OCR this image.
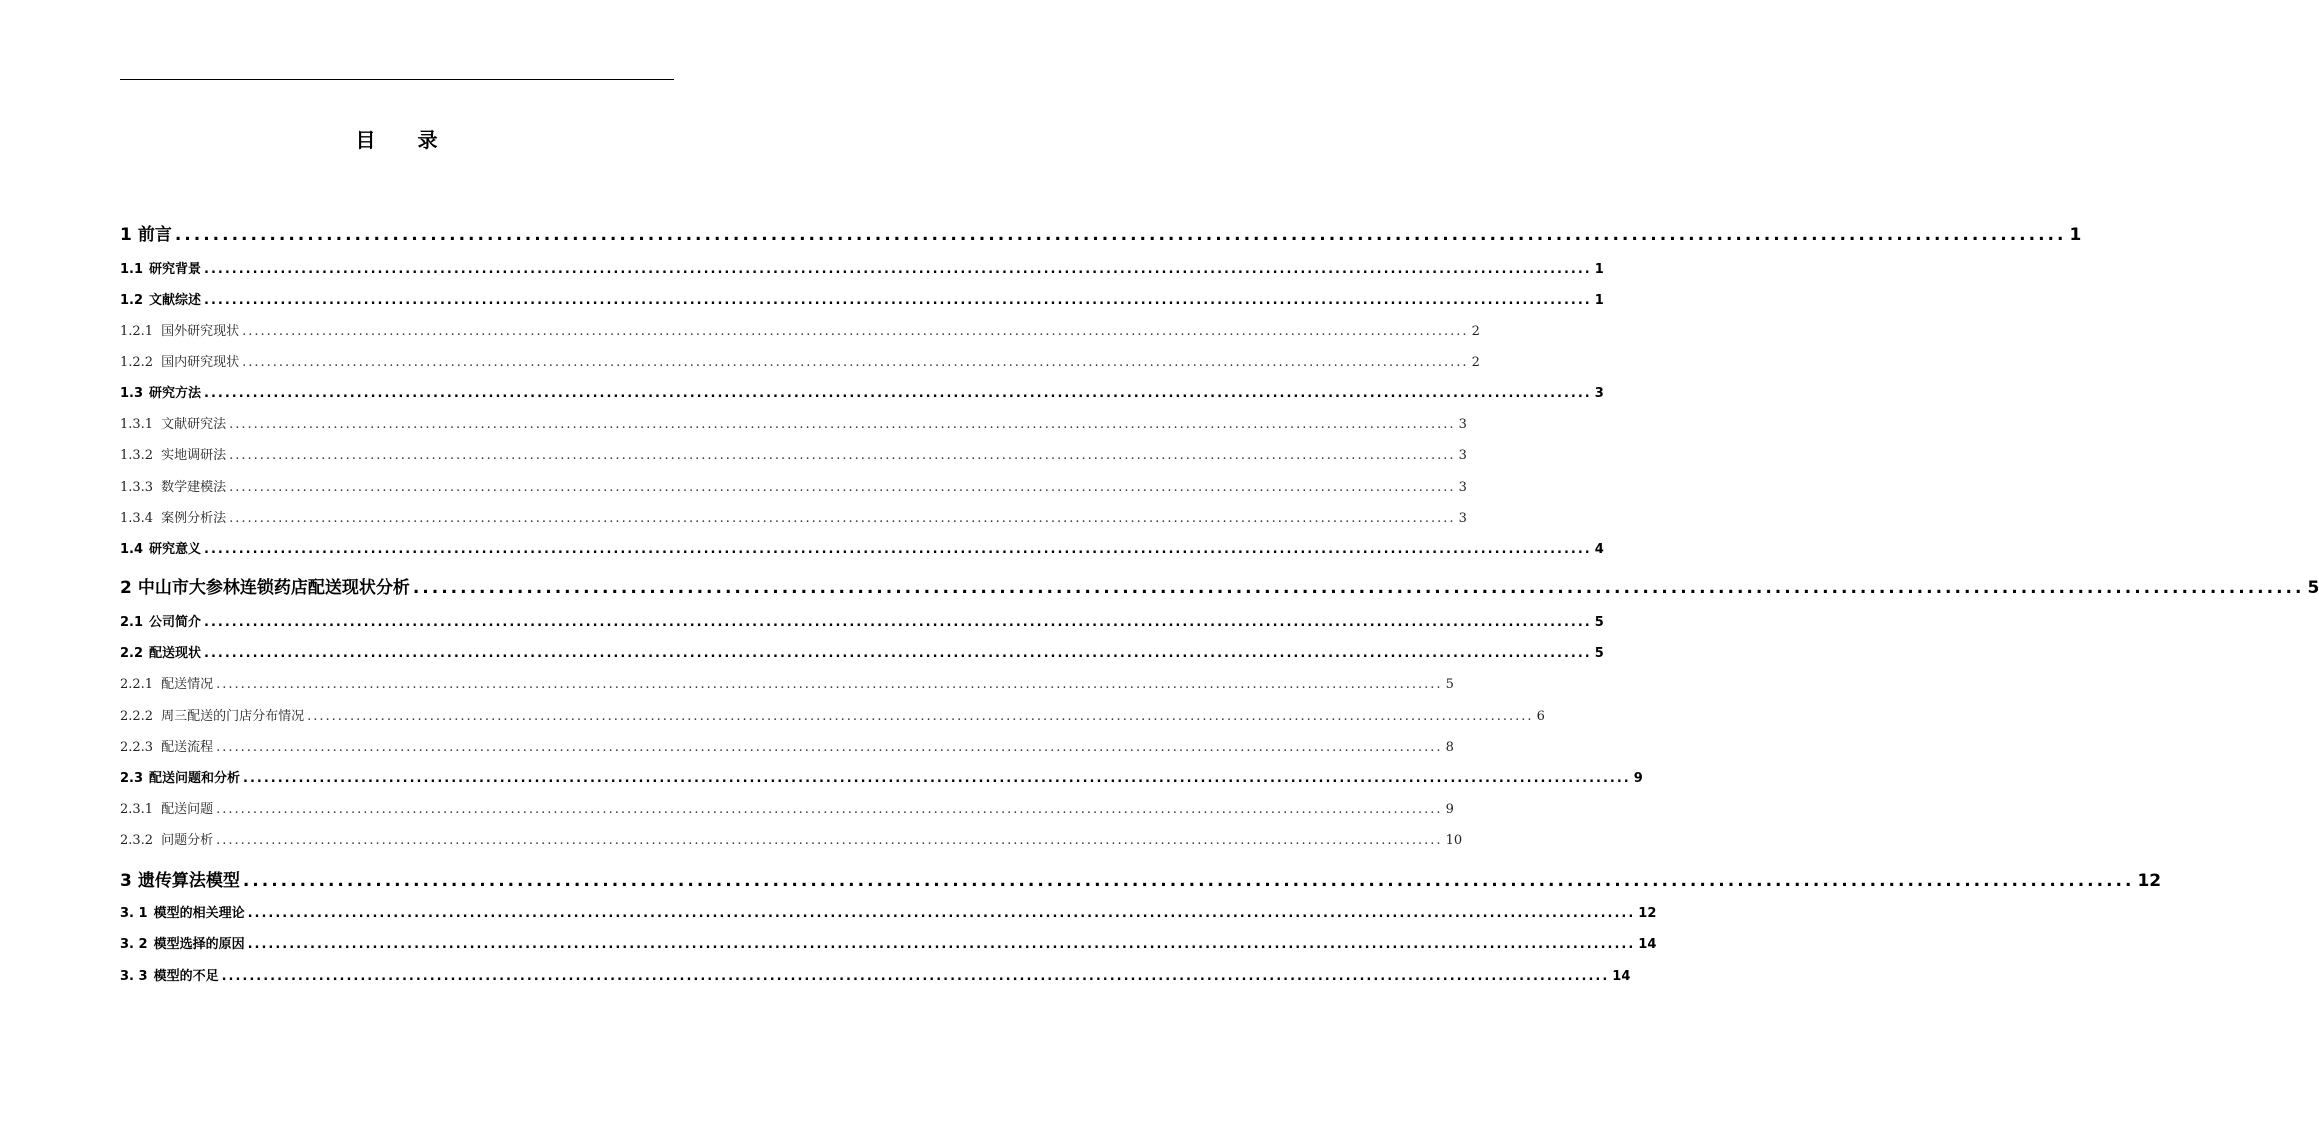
目 录
1 前言 ........................................................................................................................................................................................................ 1
1.1 研究背景 ........................................................................................................................................................................................................ 1
1.2 文献综述 ........................................................................................................................................................................................................ 1
1.2.1 国外研究现状 ........................................................................................................................................................................................................ 2
1.2.2 国内研究现状 ........................................................................................................................................................................................................ 2
1.3 研究方法 ........................................................................................................................................................................................................ 3
1.3.1 文献研究法 ........................................................................................................................................................................................................ 3
1.3.2 实地调研法 ........................................................................................................................................................................................................ 3
1.3.3 数学建模法 ........................................................................................................................................................................................................ 3
1.3.4 案例分析法 ........................................................................................................................................................................................................ 3
1.4 研究意义 ........................................................................................................................................................................................................ 4
2 中山市大参林连锁药店配送现状分析 ........................................................................................................................................................................................................ 5
2.1 公司简介 ........................................................................................................................................................................................................ 5
2.2 配送现状 ........................................................................................................................................................................................................ 5
2.2.1 配送情况 ........................................................................................................................................................................................................ 5
2.2.2 周三配送的门店分布情况 ........................................................................................................................................................................................................ 6
2.2.3 配送流程 ........................................................................................................................................................................................................ 8
2.3 配送问题和分析 ........................................................................................................................................................................................................ 9
2.3.1 配送问题 ........................................................................................................................................................................................................ 9
2.3.2 问题分析 ........................................................................................................................................................................................................ 10
3 遗传算法模型 ........................................................................................................................................................................................................ 12
3. 1 模型的相关理论 ........................................................................................................................................................................................................ 12
3. 2 模型选择的原因 ........................................................................................................................................................................................................ 14
3. 3 模型的不足 ........................................................................................................................................................................................................ 14
